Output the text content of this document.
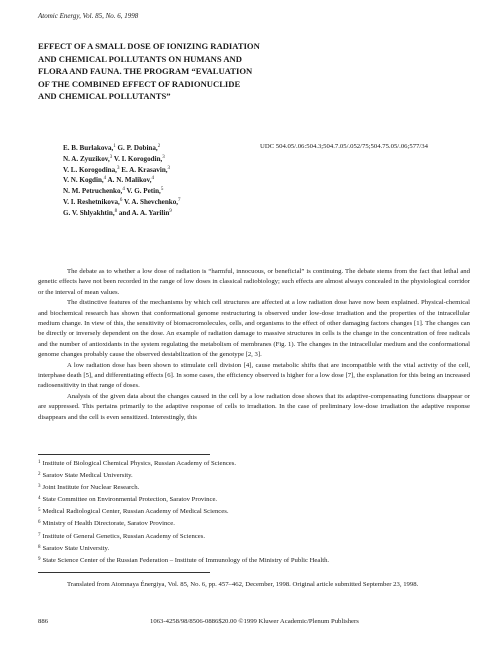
Atomic Energy, Vol. 85, No. 6, 1998
EFFECT OF A SMALL DOSE OF IONIZING RADIATION
AND CHEMICAL POLLUTANTS ON HUMANS AND
FLORA AND FAUNA. THE PROGRAM “EVALUATION
OF THE COMBINED EFFECT OF RADIONUCLIDE
AND CHEMICAL POLLUTANTS”
E. B. Burlakova,$^1$ G. P. Dobina,$^2$
N. A. Zyuzikov,$^3$ V. I. Korogodin,$^3$
V. L. Korogodina,$^3$ E. A. Krasavin,$^3$
V. N. Kogdin,$^4$ A. N. Malikov,$^4$
N. M. Petruchenko,$^4$ V. G. Petin,$^5$
V. I. Reshetnikova,$^6$ V. A. Shevchenko,$^7$
G. V. Shlyakhtin,$^8$ and A. A. Yarilin$^9$
UDC 504.05/.06:504.3;504.7.05/.052/75;504.75.05/.06;577/34

The debate as to whether a low dose of radiation is “harmful, innocuous, or beneficial” is continuing. The debate stems from the fact that lethal and genetic effects have not been recorded in the range of low doses in classical radiobiology; such effects are almost always concealed in the physiological corridor or the interval of mean values.

The distinctive features of the mechanisms by which cell structures are affected at a low radiation dose have now been explained. Physical-chemical and biochemical research has shown that conformational genome restructuring is observed under low-dose irradiation and the properties of the intracellular medium change. In view of this, the sensitivity of biomacromolecules, cells, and organisms to the effect of other damaging factors changes [1]. The changes can be directly or inversely dependent on the dose. An example of radiation damage to massive structures in cells is the change in the concentration of free radicals and the number of antioxidants in the system regulating the metabolism of membranes (Fig. 1). The changes in the intracellular medium and the conformational genome changes probably cause the observed destabilization of the genotype [2, 3].

A low radiation dose has been shown to stimulate cell division [4], cause metabolic shifts that are incompatible with the vital activity of the cell, interphase death [5], and differentiating effects [6]. In some cases, the efficiency observed is higher for a low dose [7], the explanation for this being an increased radiosensitivity in that range of doses.

Analysis of the given data about the changes caused in the cell by a low radiation dose shows that its adaptive-compensating functions disappear or are suppressed. This pertains primarily to the adaptive response of cells to irradiation. In the case of preliminary low-dose irradiation the adaptive response disappears and the cell is even sensitized. Interestingly, this

$^1$ Institute of Biological Chemical Physics, Russian Academy of Sciences.
$^2$ Saratov State Medical University.
$^3$ Joint Institute for Nuclear Research.
$^4$ State Committee on Environmental Protection, Saratov Province.
$^5$ Medical Radiological Center, Russian Academy of Medical Sciences.
$^6$ Ministry of Health Directorate, Saratov Province.
$^7$ Institute of General Genetics, Russian Academy of Sciences.
$^8$ Saratov State University.
$^9$ State Science Center of the Russian Federation – Institute of Immunology of the Ministry of Public Health.

Translated from Atomnaya Énergiya, Vol. 85, No. 6, pp. 457–462, December, 1998. Original article submitted September 23, 1998.

886	1063-4258/98/8506-0886$20.00 ©1999 Kluwer Academic/Plenum Publishers
